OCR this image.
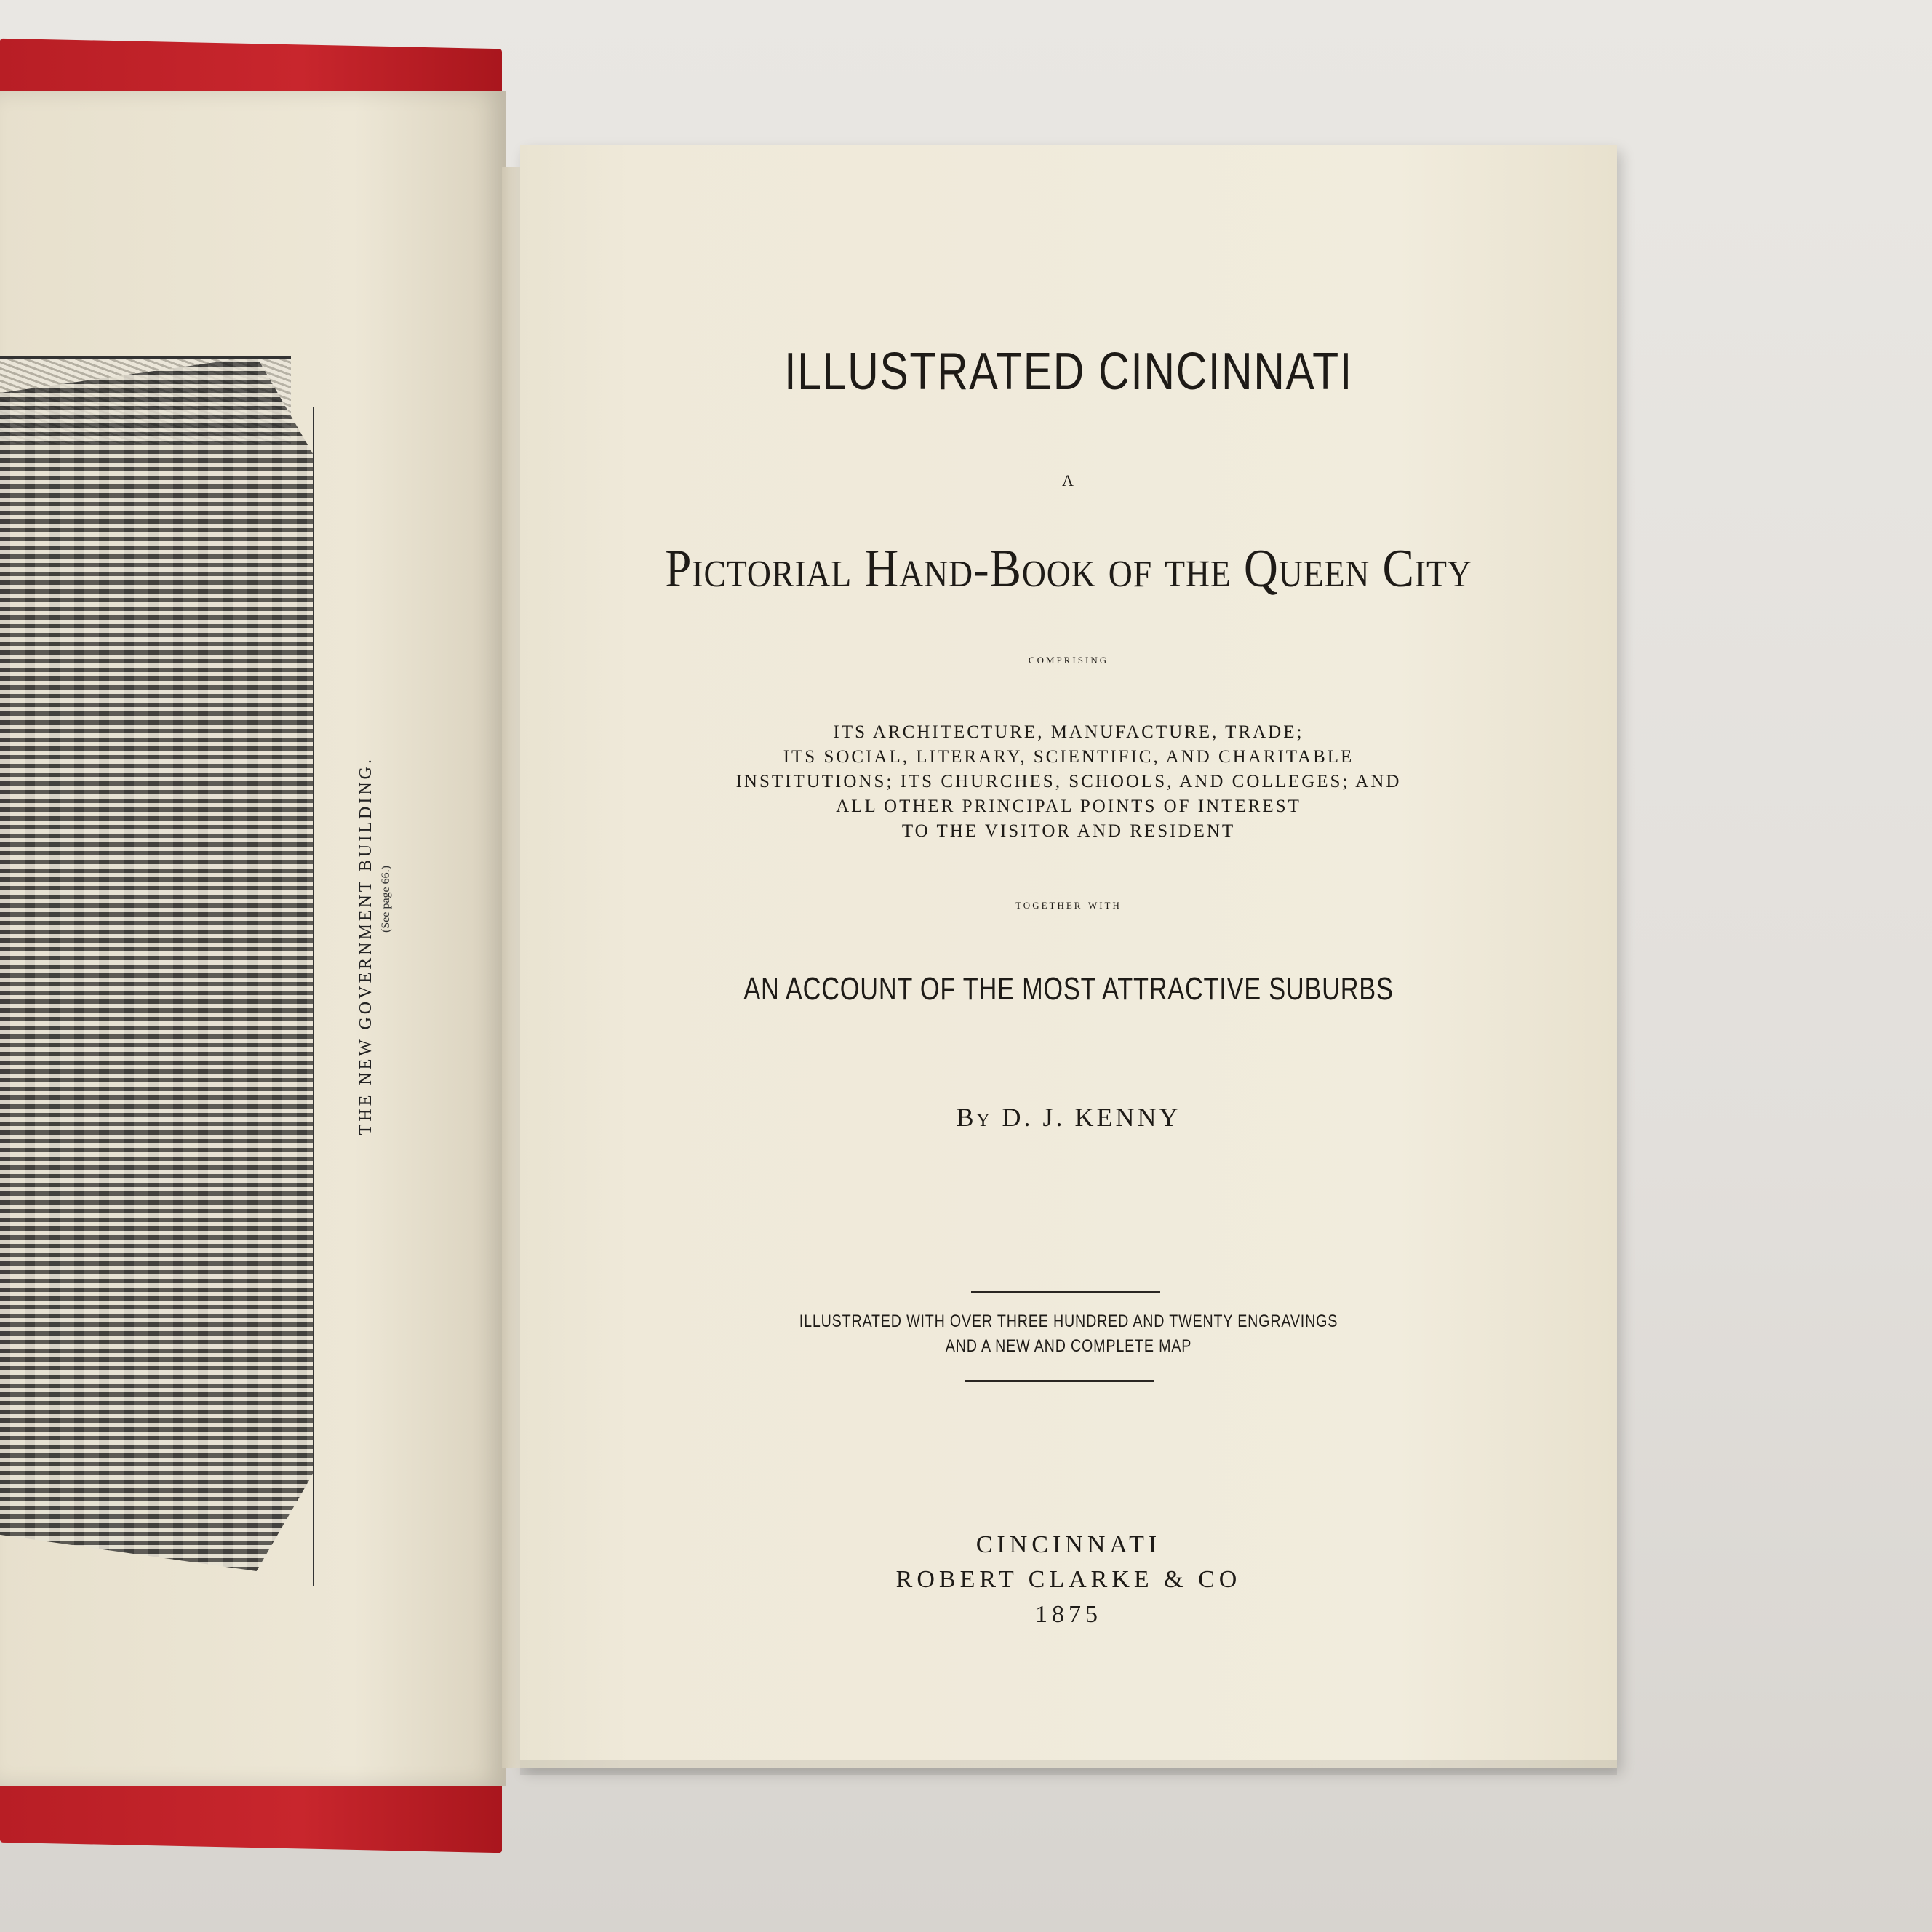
THE NEW GOVERNMENT BUILDING. (See page 66.)
ILLUSTRATED CINCINNATI
A
Pictorial Hand-Book of the Queen City
comprising
ITS ARCHITECTURE, MANUFACTURE, TRADE;
ITS SOCIAL, LITERARY, SCIENTIFIC, AND CHARITABLE
INSTITUTIONS; ITS CHURCHES, SCHOOLS, AND COLLEGES; AND
ALL OTHER PRINCIPAL POINTS OF INTEREST
TO THE VISITOR AND RESIDENT
together with
AN ACCOUNT OF THE MOST ATTRACTIVE SUBURBS
By D. J. KENNY
ILLUSTRATED WITH OVER THREE HUNDRED AND TWENTY ENGRAVINGS
AND A NEW AND COMPLETE MAP
CINCINNATI
ROBERT CLARKE & CO
1875
